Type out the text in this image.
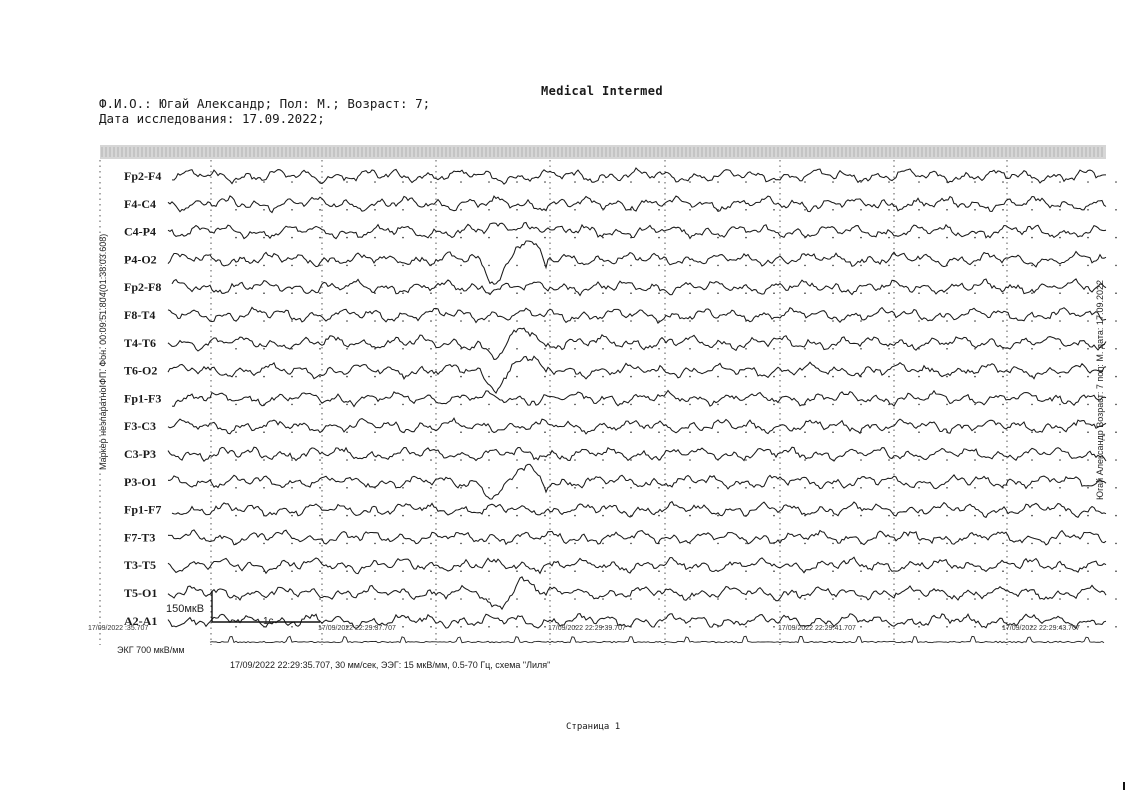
Medical Intermed
Ф.И.О.: Югай Александр; Пол: М.; Возраст: 7;
Дата исследования: 17.09.2022;
Fp2-F4
F4-C4
C4-P4
P4-O2
Fp2-F8
F8-T4
T4-T6
T6-O2
Fp1-F3
F3-C3
C3-P3
P3-O1
Fp1-F7
F7-T3
T3-T5
T5-O1
A2-A1
17/09/2022 :35.707	17/09/2022 22:29:37.707	17/09/2022 22:29:39.707	17/09/2022 22:29:41.707	17/09/2022 22:29:43.707
150мкВ
1с
ЭКГ 700 мкВ/мм
Маркер неэпаратноIФП. Фон. 00:09:51.804(01:38:03.608)	Югай Александр Возраст: 7 пол: М. дата: 17.09.2022
17/09/2022 22:29:35.707, 30 мм/сек, ЭЭГ: 15 мкВ/мм, 0.5-70 Гц, схема "Лиля"
Страница 1
